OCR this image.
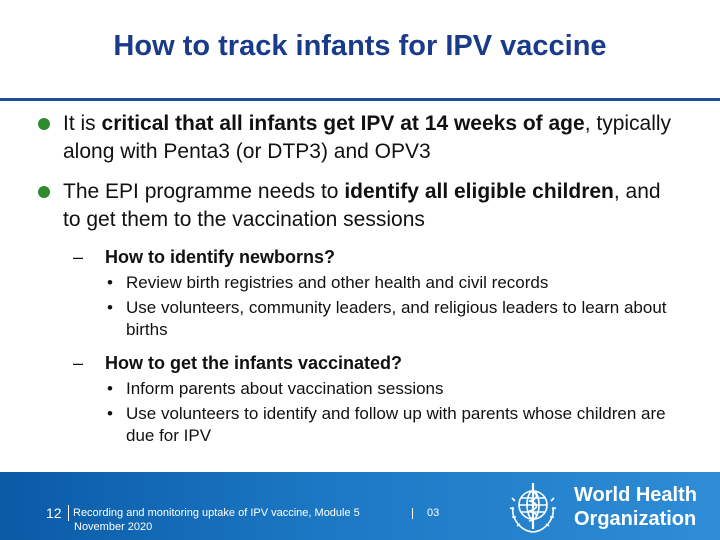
How to track infants for IPV vaccine
It is critical that all infants get IPV at 14 weeks of age, typically along with Penta3 (or DTP3) and OPV3
The EPI programme needs to identify all eligible children, and to get them to the vaccination sessions
– How to identify newborns?
• Review birth registries and other health and civil records
• Use volunteers, community leaders, and religious leaders to learn about births
– How to get the infants vaccinated?
• Inform parents about vaccination sessions
• Use volunteers to identify and follow up with parents whose children are due for IPV
12 Recording and monitoring uptake of IPV vaccine, Module 5	03
November 2020
World Health
Organization
